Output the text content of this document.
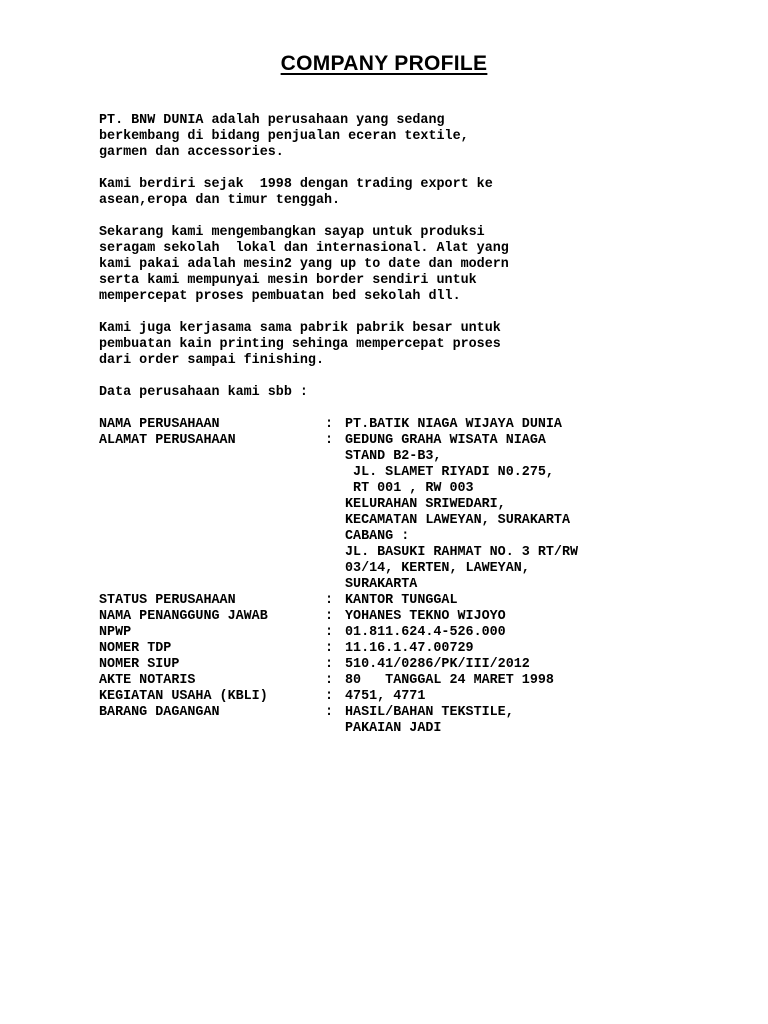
COMPANY PROFILE
PT. BNW DUNIA adalah perusahaan yang sedang
berkembang di bidang penjualan eceran textile,
garmen dan accessories.
Kami berdiri sejak  1998 dengan trading export ke
asean,eropa dan timur tenggah.
Sekarang kami mengembangkan sayap untuk produksi
seragam sekolah  lokal dan internasional. Alat yang
kami pakai adalah mesin2 yang up to date dan modern
serta kami mempunyai mesin border sendiri untuk
mempercepat proses pembuatan bed sekolah dll.
Kami juga kerjasama sama pabrik pabrik besar untuk
pembuatan kain printing sehinga mempercepat proses
dari order sampai finishing.
Data perusahaan kami sbb :
NAMA PERUSAHAAN	: PT.BATIK NIAGA WIJAYA DUNIA
ALAMAT PERUSAHAAN	: GEDUNG GRAHA WISATA NIAGA
STAND B2-B3,
JL. SLAMET RIYADI N0.275,
RT 001 , RW 003
KELURAHAN SRIWEDARI,
KECAMATAN LAWEYAN, SURAKARTA
CABANG :
JL. BASUKI RAHMAT NO. 3 RT/RW
03/14, KERTEN, LAWEYAN,
SURAKARTA
STATUS PERUSAHAAN	: KANTOR TUNGGAL
NAMA PENANGGUNG JAWAB	: YOHANES TEKNO WIJOYO
NPWP	: 01.811.624.4-526.000
NOMER TDP	: 11.16.1.47.00729
NOMER SIUP	: 510.41/0286/PK/III/2012
AKTE NOTARIS	: 80   TANGGAL 24 MARET 1998
KEGIATAN USAHA (KBLI)	: 4751, 4771
BARANG DAGANGAN	: HASIL/BAHAN TEKSTILE,
PAKAIAN JADI
